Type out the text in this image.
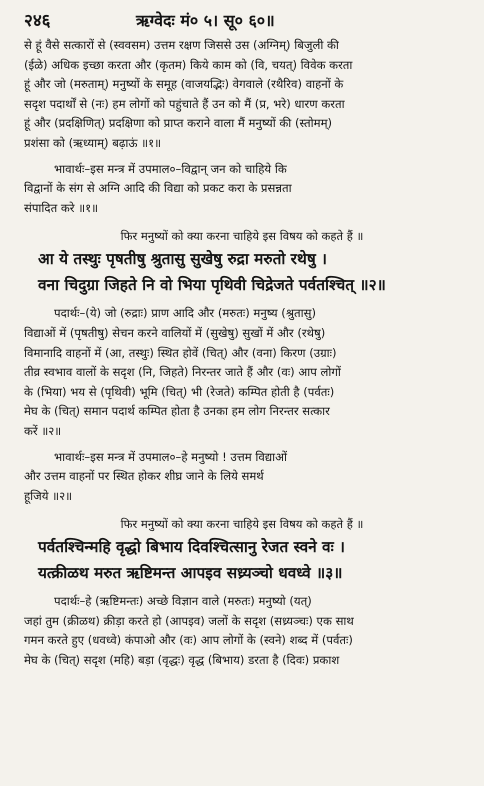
२४६	ऋग्वेदः मं० ५। सू० ६०॥
से हूं वैसे सत्कारों से (स्ववसम) उत्तम रक्षण जिससे उस (अग्निम्) बिजुली की
(ईळे) अधिक इच्छा करता और (कृतम) किये काम को (वि, चयत्) विवेक करता
हूं और जो (मरुताम्) मनुष्यों के समूह (वाजयद्भिः) वेगवाले (रथैरिव) वाहनों के
सदृश पदार्थों से (नः) हम लोगों को पहुंचाते हैं उन को मैं (प्र, भरे) धारण करता
हूं और (प्रदक्षिणित्) प्रदक्षिणा को प्राप्त कराने वाला मैं मनुष्यों की (स्तोमम्)
प्रशंसा को (ऋध्याम्) बढ़ाऊं ॥१॥
भावार्थः–इस मन्त्र में उपमाल०–विद्वान् जन को चाहिये कि
विद्वानों के संग से अग्नि आदि की विद्या को प्रकट करा के प्रसन्नता
संपादित करे ॥१॥

फिर मनुष्यों को क्या करना चाहिये इस विषय को कहते हैं ॥

आ ये तस्थुः पृषतीषु श्रुतासु सुखेषु रुद्रा मरुतो रथेषु ।

वना चिदुग्रा जिहते नि वो भिया पृथिवी चिद्रेजते पर्वतश्चित् ॥२॥

पदार्थः–(ये) जो (रुद्राः) प्राण आदि और (मरुतः) मनुष्य (श्रुतासु)
विद्याओं में (पृषतीषु) सेचन करने वालियों में (सुखेषु) सुखों में और (रथेषु)
विमानादि वाहनों में (आ, तस्थुः) स्थित होवें (चित्) और (वना) किरण (उग्राः)
तीव्र स्वभाव वालों के सदृश (नि, जिहते) निरन्तर जाते हैं और (वः) आप लोगों
के (भिया) भय से (पृथिवी) भूमि (चित्) भी (रेजते) कम्पित होती है (पर्वतः)
मेघ के (चित्) समान पदार्थ कम्पित होता है उनका हम लोग निरन्तर सत्कार
करें ॥२॥
भावार्थः–इस मन्त्र में उपमाल०–हे मनुष्यो ! उत्तम विद्याओं
और उत्तम वाहनों पर स्थित होकर शीघ्र जाने के लिये समर्थ
हूजिये ॥२॥

फिर मनुष्यों को क्या करना चाहिये इस विषय को कहते हैं ॥

पर्वतश्चिन्महि वृद्धो बिभाय दिवश्चित्सानु रेजत स्वने वः ।

यत्क्रीळथ मरुत ऋष्टिमन्त आपइव सध्र्यञ्चो धवध्वे ॥३॥

पदार्थः–हे (ऋष्टिमन्तः) अच्छे विज्ञान वाले (मरुतः) मनुष्यो (यत्)
जहां तुम (क्रीळथ) क्रीड़ा करते हो (आपइव) जलों के सदृश (सध्र्यञ्चः) एक साथ
गमन करते हुए (धवध्वे) कंपाओ और (वः) आप लोगों के (स्वने) शब्द में (पर्वतः)
मेघ के (चित्) सदृश (महि) बड़ा (वृद्धः) वृद्ध (बिभाय) डरता है (दिवः) प्रकाश
